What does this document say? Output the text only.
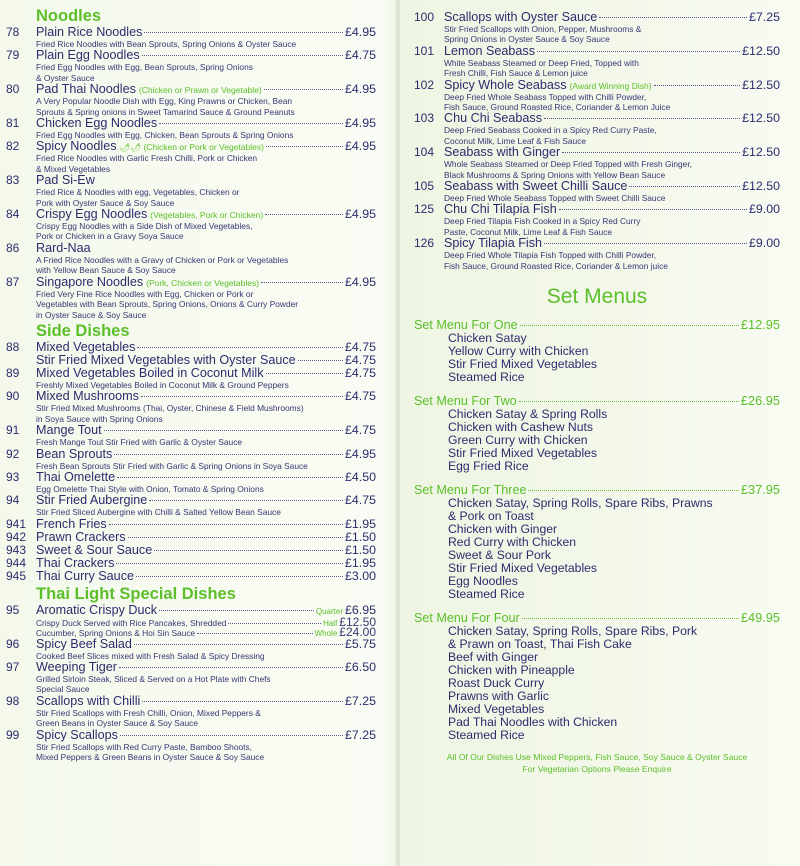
Noodles
78	Plain Rice Noodles	£4.95
Fried Rice Noodles with Bean Sprouts, Spring Onions & Oyster Sauce
79	Plain Egg Noodles	£4.75
Fried Egg Noodles with Egg, Bean Sprouts, Spring Onions
& Oyster Sauce
80	Pad Thai Noodles (Chicken or Prawn or Vegetable)	£4.95
A Very Popular Noodle Dish with Egg, King Prawns or Chicken, Bean
Sprouts & Spring onions in Sweet Tamarind Sauce & Ground Peanuts
81	Chicken Egg Noodles	£4.95
Fried Egg Noodles with Egg, Chicken, Bean Sprouts & Spring Onions
82	Spicy Noodles 🌶🌶 (Chicken or Pork or Vegetables)	£4.95
Fried Rice Noodles with Garlic Fresh Chilli, Pork or Chicken
& Mixed Vegetables
83	Pad Si-Ew
Fried Rice & Noodles with egg, Vegetables, Chicken or
Pork with Oyster Sauce & Soy Sauce
84	Crispy Egg Noodles (Vegetables, Pork or Chicken)	£4.95
Crispy Egg Noodles with a Side Dish of Mixed Vegetables,
Pork or Chicken in a Gravy Soya Sauce
86	Rard-Naa
A Fried Rice Noodles with a Gravy of Chicken or Pork or Vegetables
with Yellow Bean Sauce & Soy Sauce
87	Singapore Noodles (Pork, Chicken or Vegetables)	£4.95
Fried Very Fine Rice Noodles with Egg, Chicken or Pork or
Vegetables with Bean Sprouts, Spring Onions, Onions & Curry Powder
in Oyster Sauce & Soy Sauce
Side Dishes
88	Mixed Vegetables	£4.75
Stir Fried Mixed Vegetables with Oyster Sauce	£4.75
89	Mixed Vegetables Boiled in Coconut Milk	£4.75
Freshly Mixed Vegetables Boiled in Coconut Milk & Ground Peppers
90	Mixed Mushrooms	£4.75
Stir Fried Mixed Mushrooms (Thai, Oyster, Chinese & Field Mushrooms)
in Soya Sauce with Spring Onions
91	Mange Tout	£4.75
Fresh Mange Tout Stir Fried with Garlic & Oyster Sauce
92	Bean Sprouts	£4.95
Fresh Bean Sprouts Stir Fried with Garlic & Spring Onions in Soya Sauce
93	Thai Omelette	£4.50
Egg Omelette Thai Style with Onion, Tomato & Spring Onions
94	Stir Fried Aubergine	£4.75
Stir Fried Sliced Aubergine with Chilli & Salted Yellow Bean Sauce
941 French Fries	£1.95
942 Prawn Crackers	£1.50
943 Sweet & Sour Sauce	£1.50
944 Thai Crackers	£1.95
945 Thai Curry Sauce	£3.00
Thai Light Special Dishes
95	Aromatic Crispy Duck	Quarter £6.95
Crispy Duck Served with Rice Pancakes, Shredded	Half £12.50
Cucumber, Spring Onions & Hoi Sin Sauce	Whole £24.00
96	Spicy Beef Salad	£5.75
Cooked Beef Slices mixed with Fresh Salad & Spicy Dressing
97	Weeping Tiger	£6.50
Grilled Sirloin Steak, Sliced & Served on a Hot Plate with Chefs
Special Sauce
98	Scallops with Chilli	£7.25
Stir Fried Scallops with Fresh Chilli, Onion, Mixed Peppers &
Green Beans in Oyster Sauce & Soy Sauce
99	Spicy Scallops	£7.25
Stir Fried Scallops with Red Curry Paste, Bamboo Shoots,
Mixed Peppers & Green Beans in Oyster Sauce & Soy Sauce
100 Scallops with Oyster Sauce	£7.25
Stir Fried Scallops with Onion, Pepper, Mushrooms &
Spring Onions in Oyster Sauce & Soy Sauce
101 Lemon Seabass	£12.50
White Seabass Steamed or Deep Fried, Topped with
Fresh Chilli, Fish Sauce & Lemon juice
102 Spicy Whole Seabass (Award Winning Dish)	£12.50
Deep Fried Whole Seabass Topped with Chilli Powder,
Fish Sauce, Ground Roasted Rice, Coriander & Lemon Juice
103 Chu Chi Seabass	£12.50
Deep Fried Seabass Cooked in a Spicy Red Curry Paste,
Coconut Milk, Lime Leaf & Fish Sauce
104 Seabass with Ginger	£12.50
Whole Seabass Steamed or Deep Fried Topped with Fresh Ginger,
Black Mushrooms & Spring Onions with Yellow Bean Sauce
105 Seabass with Sweet Chilli Sauce	£12.50
Deep Fried Whole Seabass Topped with Sweet Chilli Sauce
125 Chu Chi Tilapia Fish	£9.00
Deep Fried Tilapia Fish Cooked in a Spicy Red Curry
Paste, Coconut Milk, Lime Leaf & Fish Sauce
126 Spicy Tilapia Fish	£9.00
Deep Fried Whole Tilapia Fish Topped with Chilli Powder,
Fish Sauce, Ground Roasted Rice, Coriander & Lemon juice
Set Menus
Set Menu For One	£12.95
Chicken Satay
Yellow Curry with Chicken
Stir Fried Mixed Vegetables
Steamed Rice
Set Menu For Two	£26.95
Chicken Satay & Spring Rolls
Chicken with Cashew Nuts
Green Curry with Chicken
Stir Fried Mixed Vegetables
Egg Fried Rice
Set Menu For Three	£37.95
Chicken Satay, Spring Rolls, Spare Ribs, Prawns
& Pork on Toast
Chicken with Ginger
Red Curry with Chicken
Sweet & Sour Pork
Stir Fried Mixed Vegetables
Egg Noodles
Steamed Rice
Set Menu For Four	£49.95
Chicken Satay, Spring Rolls, Spare Ribs, Pork
& Prawn on Toast, Thai Fish Cake
Beef with Ginger
Chicken with Pineapple
Roast Duck Curry
Prawns with Garlic
Mixed Vegetables
Pad Thai Noodles with Chicken
Steamed Rice
All Of Our Dishes Use Mixed Peppers, Fish Sauce, Soy Sauce & Oyster Sauce
For Vegetarian Options Please Enquire
